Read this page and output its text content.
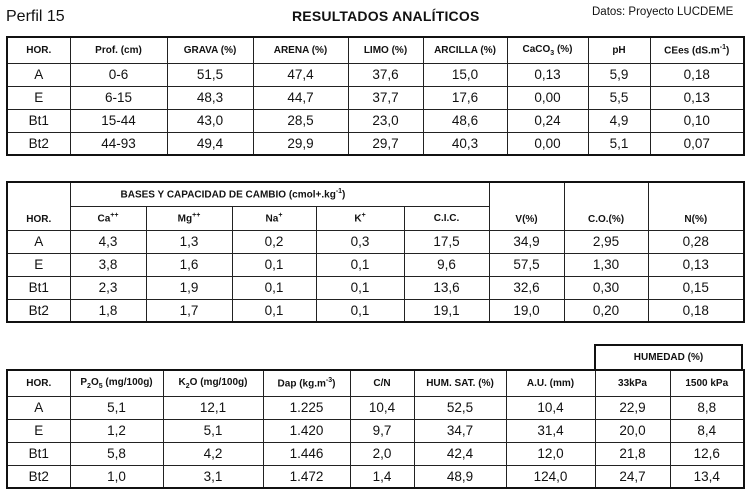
Perfil 15	RESULTADOS ANALÍTICOS	Datos: Proyecto LUCDEME
HOR.	Prof. (cm)	GRAVA (%)	ARENA (%)	LIMO (%)	ARCILLA (%)	CaCO$_3$ (%)	pH	CEes $(dS.m^{-1})$
A	0-6	51,5	47,4	37,6	15,0	0,13	5,9	0,18
E	6-15	48,3	44,7	37,7	17,6	0,00	5,5	0,13
Bt1	15-44	43,0	28,5	23,0	48,6	0,24	4,9	0,10
Bt2	44-93	49,4	29,9	29,7	40,3	0,00	5,1	0,07
HOR.	BASES Y CAPACIDAD DE CAMBIO $(cmol+.kg^{-1})$					V(%)	C.O.(%)	N(%)
	Ca++	Mg++	Na+	K+	C.I.C.			
A	4,3	1,3	0,2	0,3	17,5	34,9	2,95	0,28
E	3,8	1,6	0,1	0,1	9,6	57,5	1,30	0,13
Bt1	2,3	1,9	0,1	0,1	13,6	32,6	0,30	0,15
Bt2	1,8	1,7	0,1	0,1	19,1	19,0	0,20	0,18
HUMEDAD (%)
HOR.	$P_2O_5$ (mg/100g)	$K_2O$ (mg/100g)	Dap $(kg.m^{-3})$	C/N	HUM. SAT. (%)	A.U. (mm)	33kPa	1500 kPa
A	5,1	12,1	1.225	10,4	52,5	10,4	22,9	8,8
E	1,2	5,1	1.420	9,7	34,7	31,4	20,0	8,4
Bt1	5,8	4,2	1.446	2,0	42,4	12,0	21,8	12,6
Bt2	1,0	3,1	1.472	1,4	48,9	124,0	24,7	13,4
